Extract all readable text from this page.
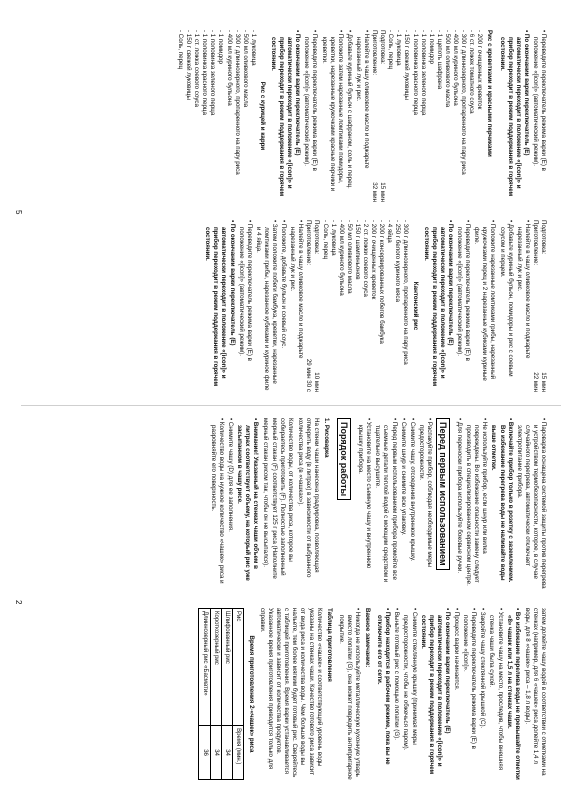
• Переведите переключатель режима варки (E) в положение «[icon]» (автоматический режим).

• По окончании варки переключатель (E) автоматически переходит в положение «[icon]» и прибор переходит в режим поддержания в горячем состоянии.

Рис с креветками и красными перчиками

- 200 г очищенных креветок

- 6 ст. ложек томатного соуса

- 300 г длиннозерного, пропаренного на пару риса

- 400 мл куриного бульона

- 500 мл оливкового масла

- 1 щепоть шафрана

- 1 помидор

- 1 половинка зеленого перца

- 1 половинка красного перца

- 150 г свежей луковицы

- 1 луковица

- Соль, перец

Подготовка:
15 мин
Приготовление:
32 мин

• Налейте в чашу оливковое масло и поджарьте нарезанный лук и рис.

• Добавьте куриный бульон с шафраном, соль и перец.

• Положите затем нарезанные ломтиками помидоры, креветки, нарезанные кружочками красные перчики и креветки.

• Переведите переключатель режима варки (E) в положение «[icon]» (автоматический режим).

• По окончании варки переключатель (E) автоматически переходит в положение «[icon]» и прибор переходит в режим поддержания в горячем состоянии.

Рис с курицей и карри

- 1 луковица

- 500 мл оливкового масла

- 300 г длиннозерного, пропаренного на пару риса

- 400 мл куриного бульона

- 1 помидор

- 1 половинка зеленого перца

- 1 половинка красного перца

- 1 ст. ложка соевого соуса

- 150 г свежей луковицы

- Соль, перец

Подготовка:
15 мин
Приготовление:
22 мин

• Налейте в чашу оливковое масло и поджарьте нарезанный лук и рис.

• Добавьте куриный бульон, помидоры и рис с соевым соусом и перцем.

• Положите нарезанные ломтиками грибы, нарезанный кружочками перец и 2 нарезанные кубиками куриные филе.

• Переведите переключатель режима варки (E) в положение «[icon]» (автоматический режим).

• По окончании варки переключатель (E) автоматически переходит в положение «[icon]» и прибор переходит в режим поддержания в горячем состоянии.

Кантонский рис

- 300 г длиннозерного, пропаренного на пару риса

- 250 г белого куриного мяса

- 4 яйца

- 200 г консервированных побегов бамбука

- 200 г очищенных креветок

- 2 ст. ложки соевого соуса

- 150 г шампиньонов

- 50 мл оливкового масла

- 400 мл куриного бульона

- 1 луковица

- Соль, перец

Подготовка:
10 мин
Приготовление:
29 мин 30 с

• Налейте в чашу оливковое масло и поджарьте нарезанный лук и рис.

• Положите, добавьте бульон и соевый соус.

• Затем положите побеги бамбука, креветки, нарезанные ломтиками грибы, нарезанное кубиками и куриное филе и 4 яйца.

• Переведите переключатель режима варки (E) в положение «[icon]» (автоматический режим).

• По окончании варки переключатель (E) автоматически переходит в положение «[icon]» и прибор переходит в режим поддержания в горячем состоянии.

• Пароварка оснащена системой защиты против перегрева и устройством термобезопасности, которое, в случае случайного перегрева, автоматически отключает электропитание прибора.

• Включайте прибор только в розетку с заземлением. Во избежание перегрева воды не наливайте воды выше отметки.

• Не используйте прибор, если шнур или вилка повреждены. Во избежание опасности замену следует производить в специализированном сервисном центре.

• Для переноски прибора используйте боковые ручки.

Перед первым использованием

• Распакуйте прибор, соблюдая необходимые меры предосторожности.

• Снимите чашу, отсоединив внутреннюю крышку.

• Снимите шнур и снимите всю упаковку.

• Перед первым использованием прибора промойте все съемные детали теплой водой с моющим средством и тщательно высушите.

• Установите на место съемную чашу и внутреннюю крышку прибора.

Порядок работы
1. Рисоварка

На стенки чаши нанесена градуировка, позволяющая отмерить воду (в литрах) в зависимости от выбранного количества риса (в «чашках»).

Количество воды, от количества риса, которое вы собираетесь приготовить (F). Полностью заполненный мерный стакан (F) соответствует 125 г риса (Наполните мерный стакан рисом так, чтобы он не высыпался).

• Внимание! Указанный на стенках чаши объем в литрах соответствует объему, на который рис уже засыпанном в чашу рисе.

• Снимите чашу (D) для ее заполнения.

• Количество воды на нужное количество «чашек» риса и разровняйте его поверхность.

затем долейте чашу водой в соответствии с отметками на стенках (например, для 6 «чашек» риса долейте 1,4 л воды, для 8 «чашек» риса – 1,8 л воды).

• Во избежание перелива воды не превышайте отметки «8» чашек или 1,5 л на стенках чаши.

• Установите чашу на место, проследив, чтобы внешняя стенка чаши была сухой.

• Закройте чашу стеклянной крышкой (C).

• Переведите переключатель режима варки (E) в положение «[icon]».

• Процесс варки начинается.

• По окончании варки переключатель (E) автоматически переходит в положение «[icon]» и прибор переходит в режим поддержания в горячем состоянии.

• Снимите стеклянную крышку (принимая меры предосторожности, чтобы не обжечься паром).

• Выньте готовый рис с помощью лопатки (G).

• Прибор находится в рабочем режиме, пока вы не отключите его от сети.

Важное замечание:

• Никогда не используйте металлическую кухонную утварь вместо лопатки (G), она может повредить антипригарное покрытие.

Таблица приготовления

Количество «чашек» и соответствующий уровень воды указаны на стенках чаши. Качество готового риса зависит от вида риса и количества воды. Чем больше воды вы нальете, тем более мягким будет готовый рис. Сверяйтесь с таблицей приготовления. Время варки устанавливается автоматически и зависит от количества продуктов. Указанное время приготовления приводится только для справки.

Время приготовления 2-«чашек» риса
Рис	Время (мин.)
Шлифованный рис	34
Короткозерный рис	34
Длиннозерный рис «Басмати»	36
5
2
